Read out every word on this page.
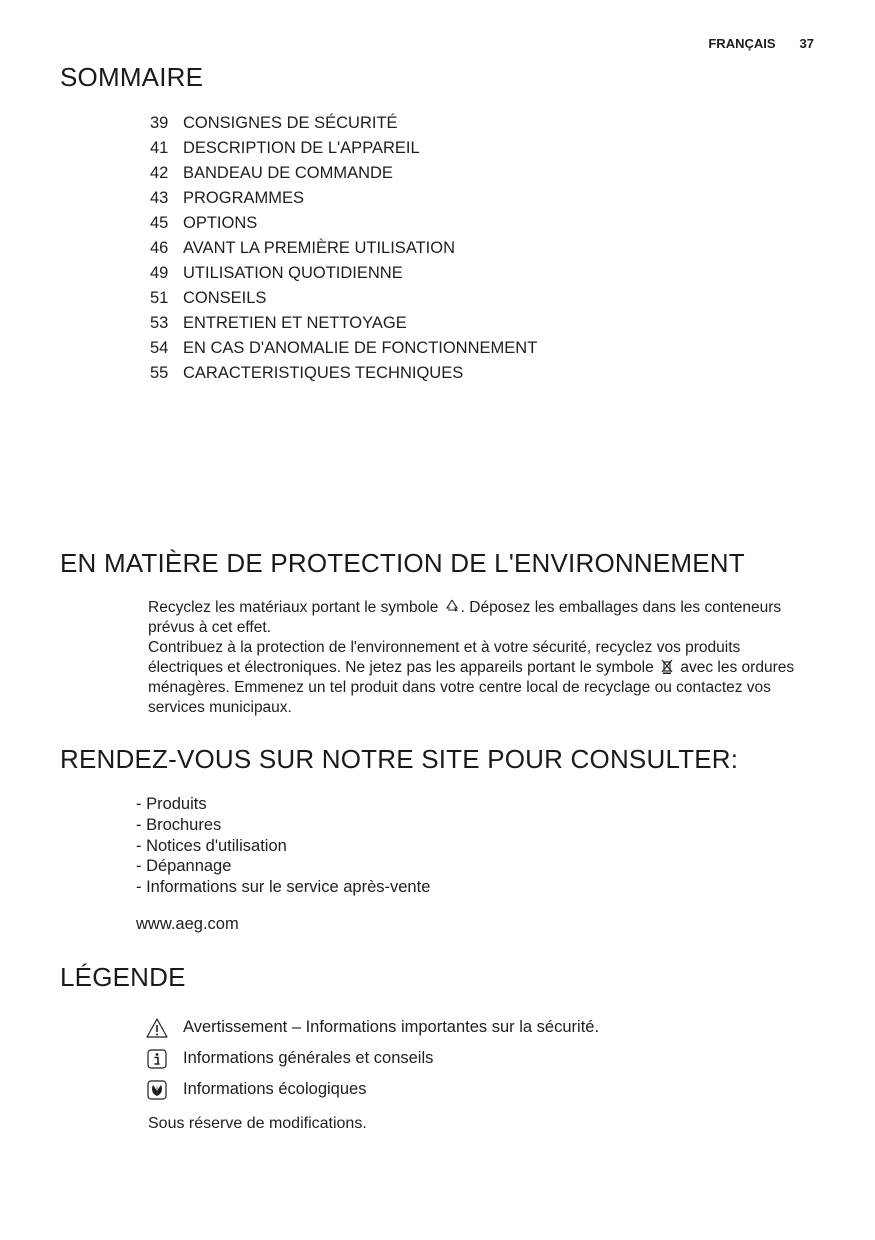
FRANÇAIS 37
SOMMAIRE
39 CONSIGNES DE SÉCURITÉ
41 DESCRIPTION DE L'APPAREIL
42 BANDEAU DE COMMANDE
43 PROGRAMMES
45 OPTIONS
46 AVANT LA PREMIÈRE UTILISATION
49 UTILISATION QUOTIDIENNE
51 CONSEILS
53 ENTRETIEN ET NETTOYAGE
54 EN CAS D'ANOMALIE DE FONCTIONNEMENT
55 CARACTERISTIQUES TECHNIQUES
EN MATIÈRE DE PROTECTION DE L'ENVIRONNEMENT

Recyclez les matériaux portant le symbole . Déposez les emballages dans les conteneurs prévus à cet effet.

Contribuez à la protection de l'environnement et à votre sécurité, recyclez vos produits électriques et électroniques. Ne jetez pas les appareils portant le symbole avec les ordures ménagères. Emmenez un tel produit dans votre centre local de recyclage ou contactez vos services municipaux.

RENDEZ-VOUS SUR NOTRE SITE POUR CONSULTER:
- Produits
- Brochures
- Notices d'utilisation
- Dépannage
- Informations sur le service après-vente
www.aeg.com
LÉGENDE
Avertissement – Informations importantes sur la sécurité.
Informations générales et conseils
Informations écologiques
Sous réserve de modifications.
